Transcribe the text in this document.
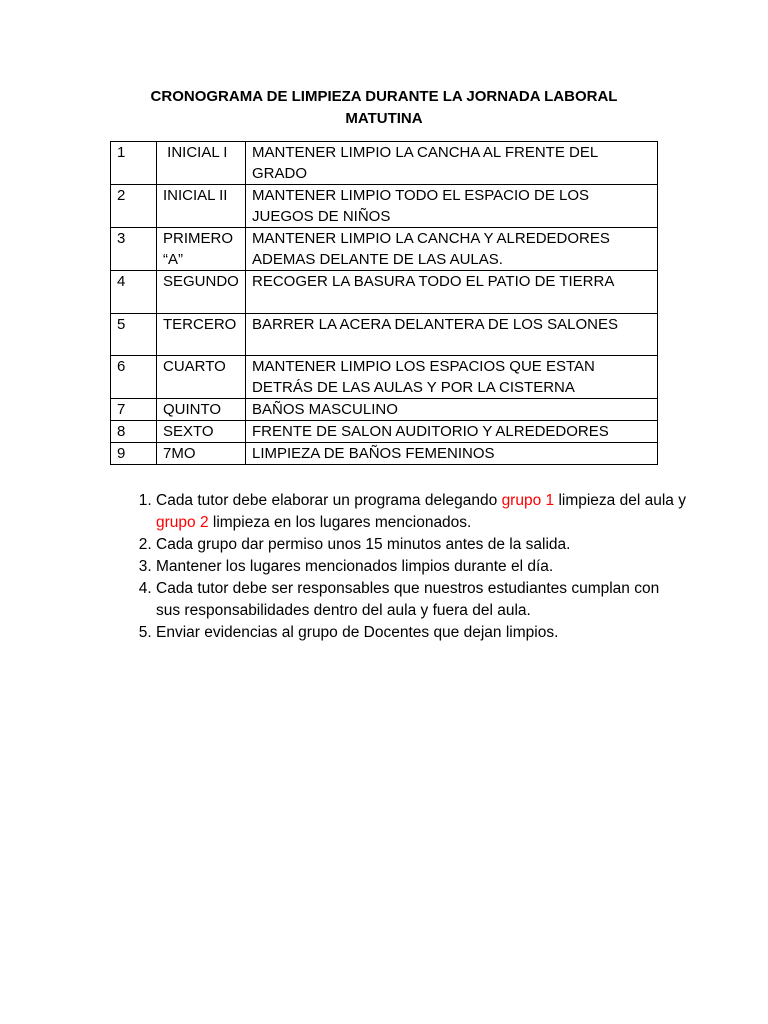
CRONOGRAMA DE LIMPIEZA DURANTE LA JORNADA LABORAL MATUTINA
1	INICIAL I	MANTENER LIMPIO LA CANCHA AL FRENTE DEL GRADO
2	INICIAL II	MANTENER LIMPIO TODO EL ESPACIO DE LOS JUEGOS DE NIÑOS
3	PRIMERO “A”	MANTENER LIMPIO LA CANCHA Y ALREDEDORES ADEMAS DELANTE DE LAS AULAS.
4	SEGUNDO	RECOGER LA BASURA TODO EL PATIO DE TIERRA
5	TERCERO	BARRER LA ACERA DELANTERA DE LOS SALONES
6	CUARTO	MANTENER LIMPIO LOS ESPACIOS QUE ESTAN DETRÁS DE LAS AULAS Y POR LA CISTERNA
7	QUINTO	BAÑOS MASCULINO
8	SEXTO	FRENTE DE SALON AUDITORIO Y ALREDEDORES
9	7MO	LIMPIEZA DE BAÑOS FEMENINOS
1. Cada tutor debe elaborar un programa delegando grupo 1 limpieza del aula y grupo 2 limpieza en los lugares mencionados.
2. Cada grupo dar permiso unos 15 minutos antes de la salida.
3. Mantener los lugares mencionados limpios durante el día.
4. Cada tutor debe ser responsables que nuestros estudiantes cumplan con sus responsabilidades dentro del aula y fuera del aula.
5. Enviar evidencias al grupo de Docentes que dejan limpios.
